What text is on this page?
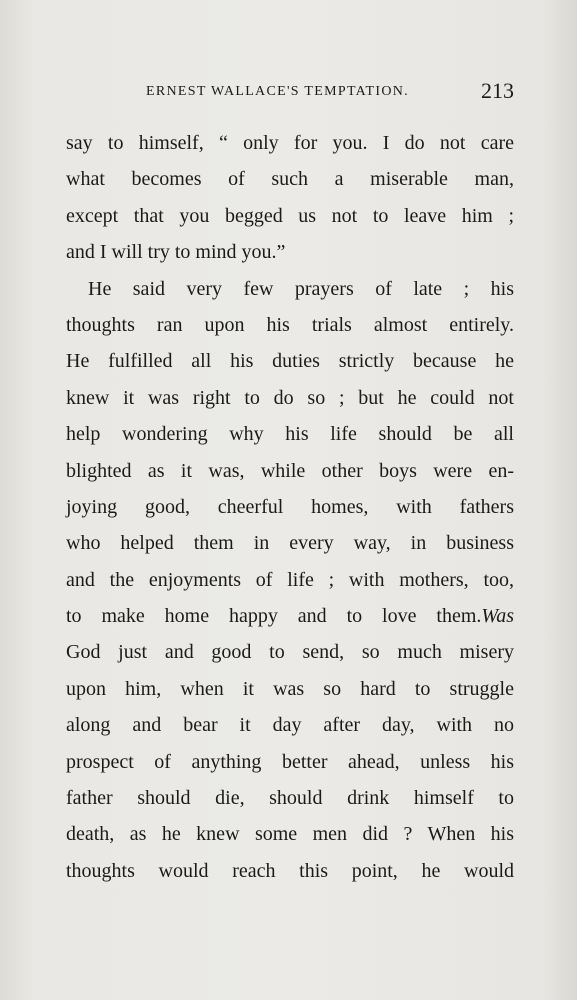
ERNEST WALLACE'S TEMPTATION.	213
say to himself, “ only for you. I do not care
what becomes of such a miserable man,
except that you begged us not to leave him ;
and I will try to mind you.”
He said very few prayers of late ; his
thoughts ran upon his trials almost entirely.
He fulfilled all his duties strictly because he
knew it was right to do so ; but he could not
help wondering why his life should be all
blighted as it was, while other boys were en-
joying good, cheerful homes, with fathers
who helped them in every way, in business
and the enjoyments of life ; with mothers, too,
to make home happy and to love them.Was
God just and good to send, so much misery
upon him, when it was so hard to struggle
along and bear it day after day, with no
prospect of anything better ahead, unless his
father should die, should drink himself to
death, as he knew some men did ? When his
thoughts would reach this point, he would
